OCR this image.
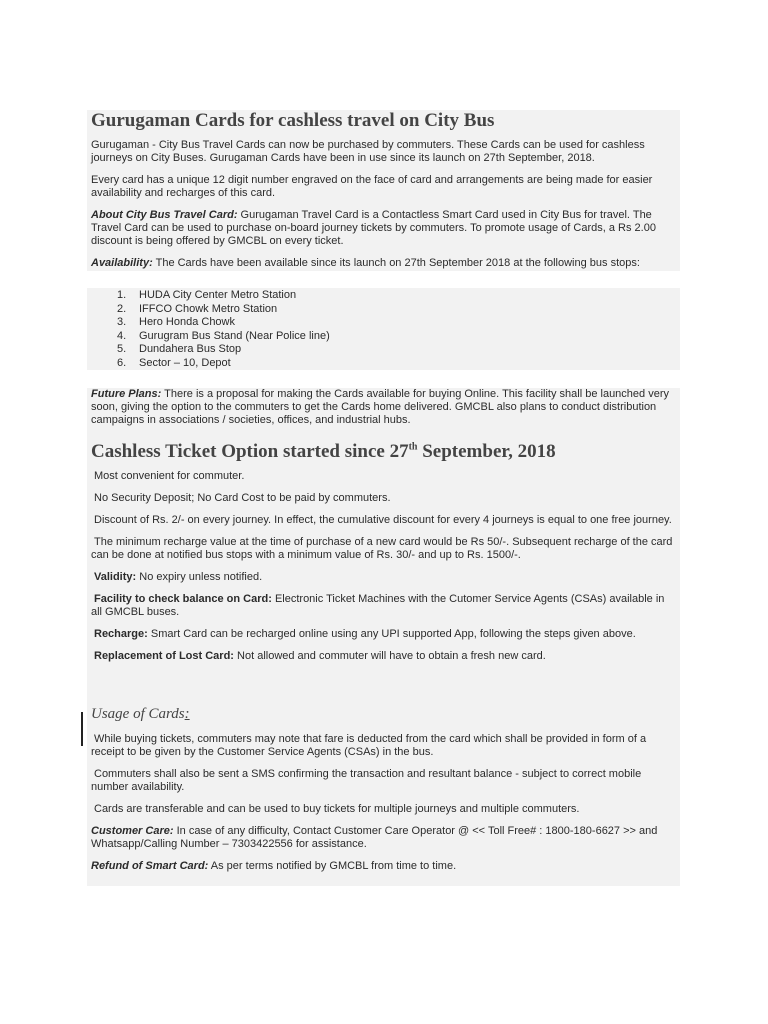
Gurugaman Cards for cashless travel on City Bus

Gurugaman - City Bus Travel Cards can now be purchased by commuters. These Cards can be used for cashless journeys on City Buses. Gurugaman Cards have been in use since its launch on 27th September, 2018.

Every card has a unique 12 digit number engraved on the face of card and arrangements are being made for easier availability and recharges of this card.

About City Bus Travel Card: Gurugaman Travel Card is a Contactless Smart Card used in City Bus for travel. The Travel Card can be used to purchase on-board journey tickets by commuters. To promote usage of Cards, a Rs 2.00 discount is being offered by GMCBL on every ticket.

Availability: The Cards have been available since its launch on 27th September 2018 at the following bus stops:

1.	HUDA City Center Metro Station
2.	IFFCO Chowk Metro Station
3.	Hero Honda Chowk
4.	Gurugram Bus Stand (Near Police line)
5.	Dundahera Bus Stop
6.	Sector – 10, Depot

Future Plans: There is a proposal for making the Cards available for buying Online. This facility shall be launched very soon, giving the option to the commuters to get the Cards home delivered. GMCBL also plans to conduct distribution campaigns in associations / societies, offices, and industrial hubs.

Cashless Ticket Option started since 27th September, 2018

Most convenient for commuter.

No Security Deposit; No Card Cost to be paid by commuters.

Discount of Rs. 2/- on every journey. In effect, the cumulative discount for every 4 journeys is equal to one free journey.

The minimum recharge value at the time of purchase of a new card would be Rs 50/-. Subsequent recharge of the card can be done at notified bus stops with a minimum value of Rs. 30/- and up to Rs. 1500/-.

Validity: No expiry unless notified.

Facility to check balance on Card: Electronic Ticket Machines with the Cutomer Service Agents (CSAs) available in all GMCBL buses.

Recharge: Smart Card can be recharged online using any UPI supported App, following the steps given above.

Replacement of Lost Card: Not allowed and commuter will have to obtain a fresh new card.

Usage of Cards:

While buying tickets, commuters may note that fare is deducted from the card which shall be provided in form of a receipt to be given by the Customer Service Agents (CSAs) in the bus.

Commuters shall also be sent a SMS confirming the transaction and resultant balance - subject to correct mobile number availability.

Cards are transferable and can be used to buy tickets for multiple journeys and multiple commuters.

Customer Care: In case of any difficulty, Contact Customer Care Operator @ << Toll Free# : 1800-180-6627 >> and Whatsapp/Calling Number – 7303422556 for assistance.

Refund of Smart Card: As per terms notified by GMCBL from time to time.
